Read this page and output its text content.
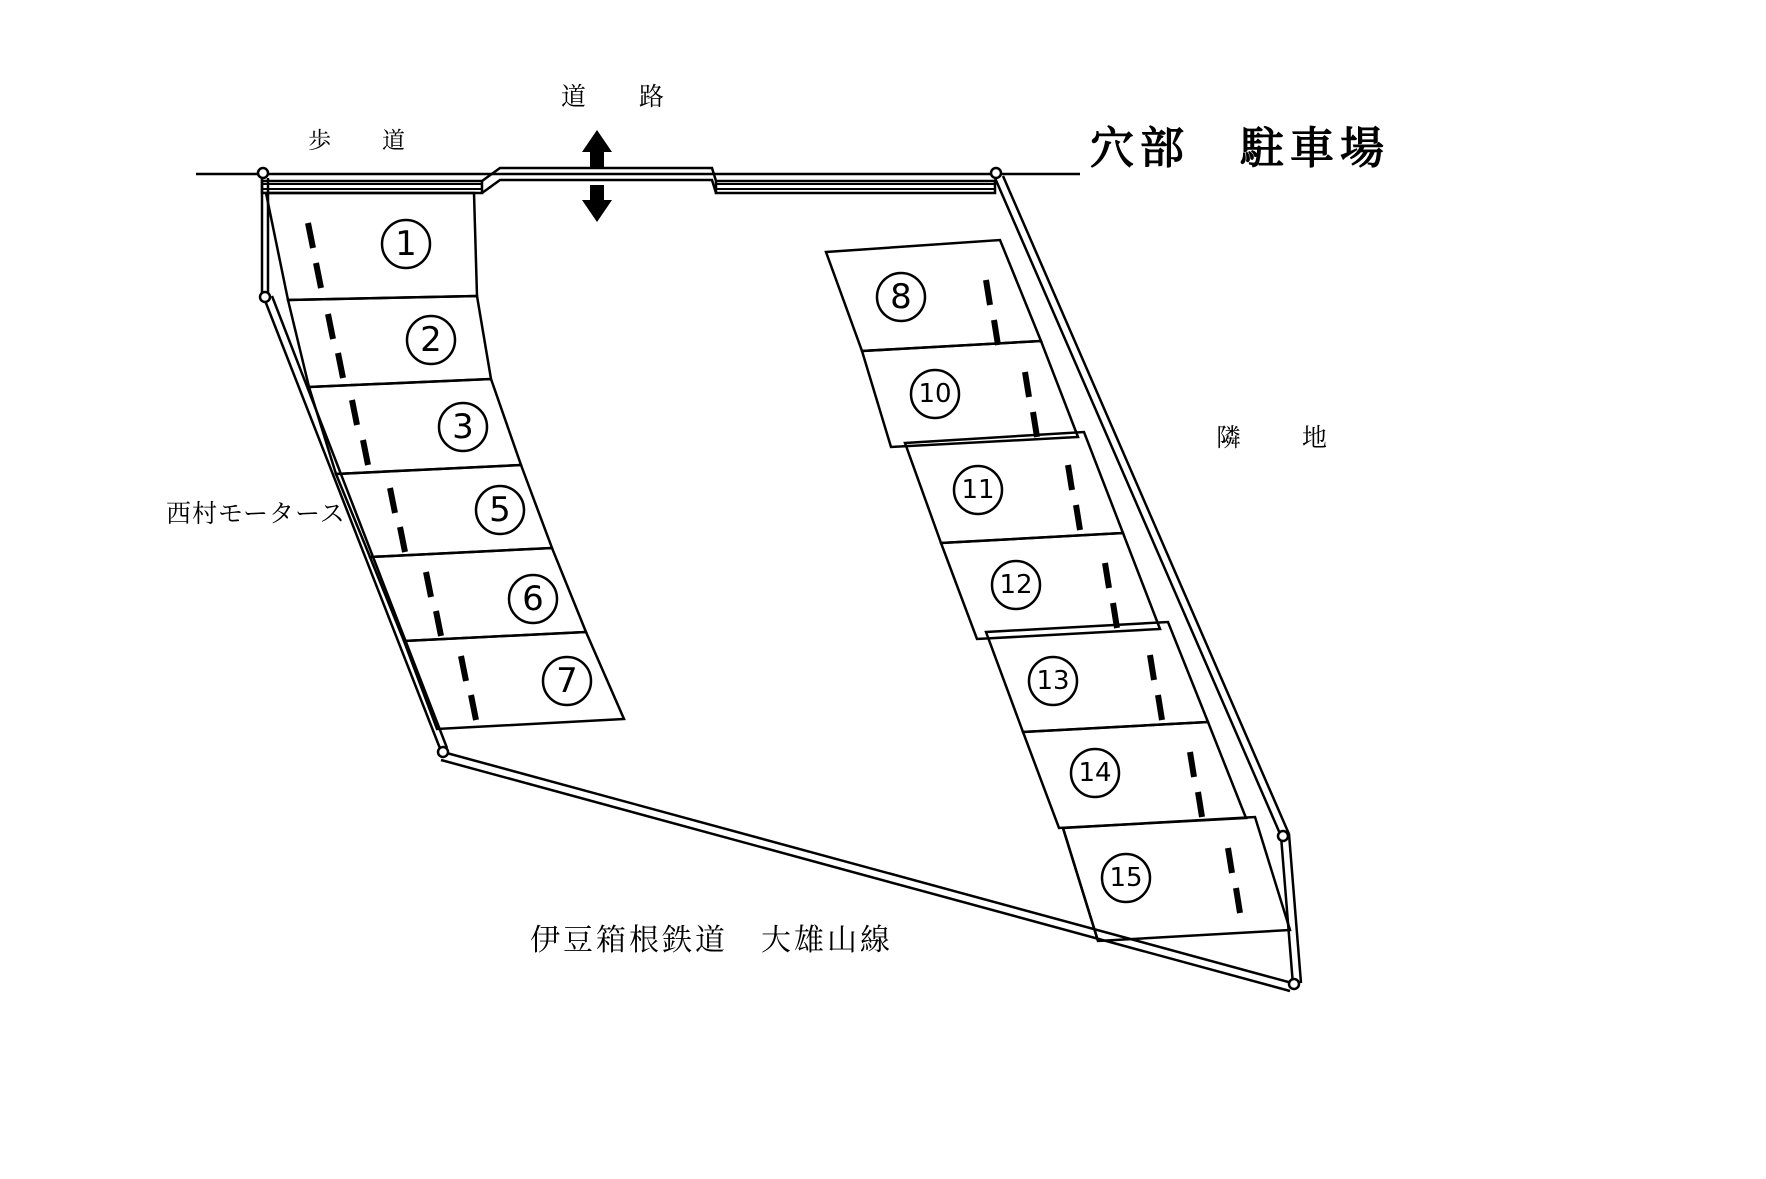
穴部　駐車場
道　路
歩　道
隣　地
西村モータース
伊豆箱根鉄道　大雄山線
1
2
3
5
6
7
8
10
11
12
13
14
15
